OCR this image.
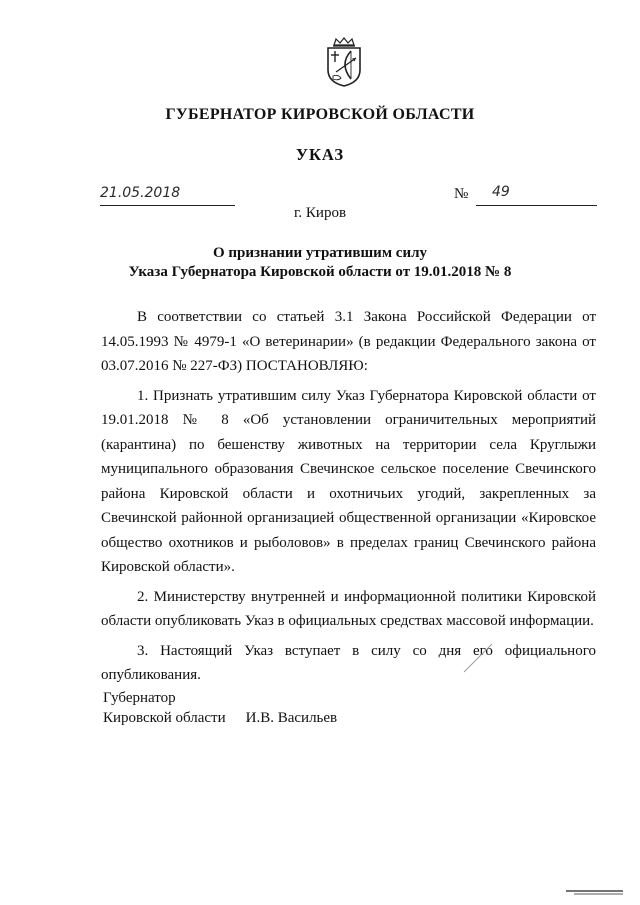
ГУБЕРНАТОР КИРОВСКОЙ ОБЛАСТИ
УКАЗ
21.05.2018	№ 49
г. Киров
О признании утратившим силу
Указа Губернатора Кировской области от 19.01.2018 № 8

В соответствии со статьей 3.1 Закона Российской Федерации от 14.05.1993 № 4979-1 «О ветеринарии» (в редакции Федерального закона от 03.07.2016 № 227-ФЗ) ПОСТАНОВЛЯЮ:

1. Признать утратившим силу Указ Губернатора Кировской области от 19.01.2018 № 8 «Об установлении ограничительных мероприятий (карантина) по бешенству животных на территории села Круглыжи муниципального образования Свечинское сельское поселение Свечинского района Кировской области и охотничьих угодий, закрепленных за Свечинской районной организацией общественной организации «Кировское общество охотников и рыболовов» в пределах границ Свечинского района Кировской области».

2. Министерству внутренней и информационной политики Кировской области опубликовать Указ в официальных средствах массовой информации.

3. Настоящий Указ вступает в силу со дня его официального опубликования.

Губернатор
Кировской области И.В. Васильев
